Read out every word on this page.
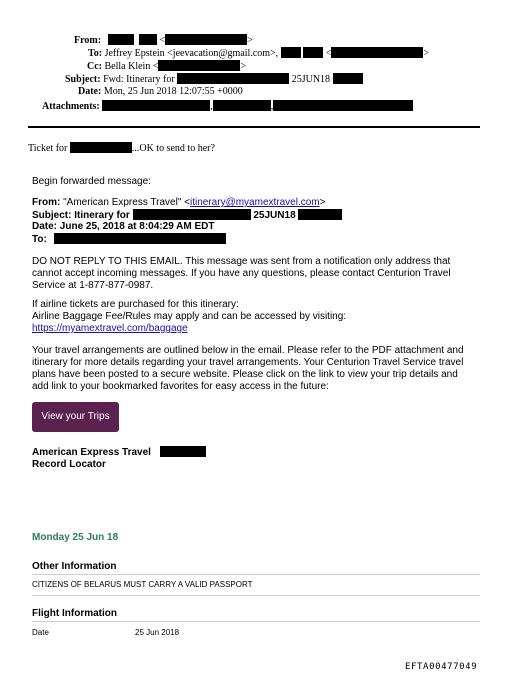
From:	<	>
To: Jeffrey Epstein <jeevacation@gmail.com>,	<	>
Cc: Bella Klein <	>
Subject: Fwd: Itinerary for	25JUN18
Date: Mon, 25 Jun 2018 12:07:55 +0000
Attachments:	,	,
Ticket for	...OK to send to her?
Begin forwarded message:
From: "American Express Travel" <itinerary@myamextravel.com>
Subject: Itinerary for	25JUN18
Date: June 25, 2018 at 8:04:29 AM EDT
To:
DO NOT REPLY TO THIS EMAIL. This message was sent from a notification only address that
cannot accept incoming messages. If you have any questions, please contact Centurion Travel
Service at 1-877-877-0987.
If airline tickets are purchased for this itinerary:
Airline Baggage Fee/Rules may apply and can be accessed by visiting:
https://myamextravel.com/baggage
Your travel arrangements are outlined below in the email. Please refer to the PDF attachment and
itinerary for more details regarding your travel arrangements. Your Centurion Travel Service travel
plans have been posted to a secure website. Please click on the link to view your trip details and
add link to your bookmarked favorites for easy access in the future:
View your Trips
American Express Travel
Record Locator
Monday 25 Jun 18
Other Information
CITIZENS OF BELARUS MUST CARRY A VALID PASSPORT
Flight Information
Date	25 Jun 2018
EFTA00477049
